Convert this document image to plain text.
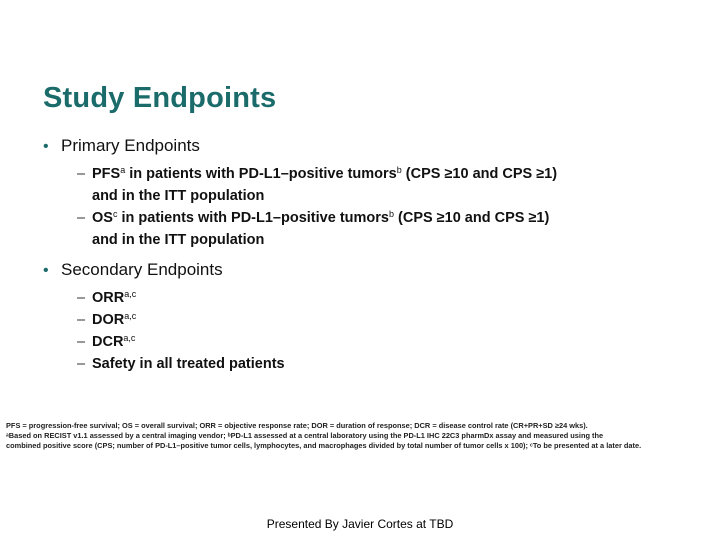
Study Endpoints
• Primary Endpoints
– PFS$^a$ in patients with PD-L1–positive tumors$^b$ (CPS ≥10 and CPS ≥1)
and in the ITT population
– $OS^c$ in patients with PD-L1–positive tumors$^b$ (CPS ≥10 and CPS ≥1)
and in the ITT population
• Secondary Endpoints
– ORR$^{a,c}$
– DOR$^{a,c}$
– DCR$^{a,c}$
– Safety in all treated patients
PFS = progression-free survival; OS = overall survival; ORR = objective response rate; DOR = duration of response; DCR = disease control rate (CR+PR+SD ≥24 wks).
ᵃBased on RECIST v1.1 assessed by a central imaging vendor; ᵇPD-L1 assessed at a central laboratory using the PD-L1 IHC 22C3 pharmDx assay and measured using the
combined positive score (CPS; number of PD-L1–positive tumor cells, lymphocytes, and macrophages divided by total number of tumor cells x 100); ᶜTo be presented at a later date.
Presented By Javier Cortes at TBD
